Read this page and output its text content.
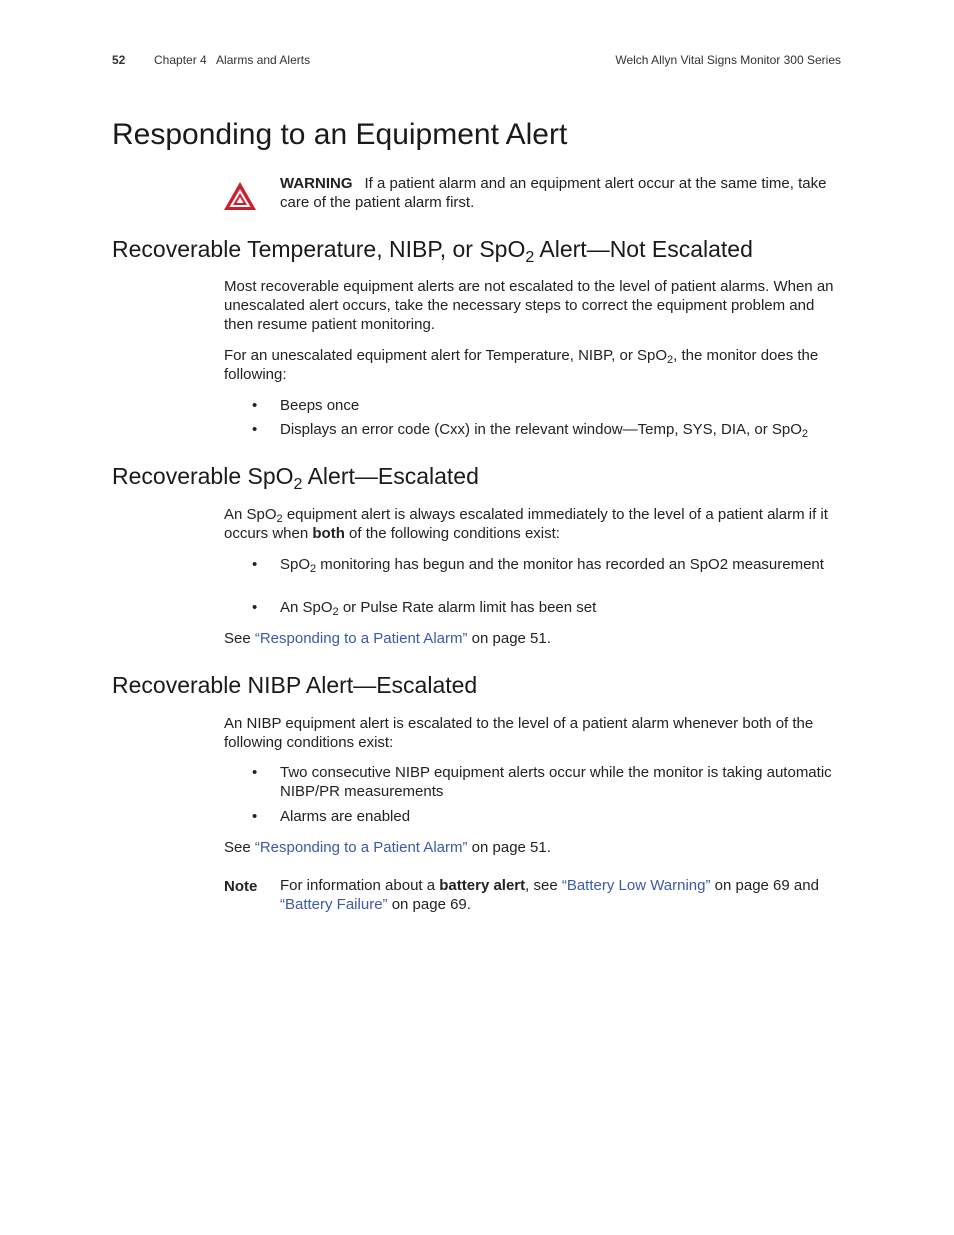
52 Chapter 4   Alarms and Alerts	Welch Allyn Vital Signs Monitor 300 Series
Responding to an Equipment Alert
WARNING If a patient alarm and an equipment alert occur at the same time, take care of the patient alarm first.
Recoverable Temperature, NIBP, or SpO$_2$ Alert—Not Escalated

Most recoverable equipment alerts are not escalated to the level of patient alarms. When an unescalated alert occurs, take the necessary steps to correct the equipment problem and then resume patient monitoring.

For an unescalated equipment alert for Temperature, NIBP, or SpO$_2$, the monitor does the following:

• Beeps once
• Displays an error code (Cxx) in the relevant window—Temp, SYS, DIA, or SpO$_2$
Recoverable SpO$_2$ Alert—Escalated

An SpO$_2$ equipment alert is always escalated immediately to the level of a patient alarm if it occurs when both of the following conditions exist:

• SpO$_2$ monitoring has begun and the monitor has recorded an SpO2 measurement
• An SpO$_2$ or Pulse Rate alarm limit has been set

See “Responding to a Patient Alarm” on page 51.

Recoverable NIBP Alert—Escalated

An NIBP equipment alert is escalated to the level of a patient alarm whenever both of the following conditions exist:

• Two consecutive NIBP equipment alerts occur while the monitor is taking automatic NIBP/PR measurements
• Alarms are enabled

See “Responding to a Patient Alarm” on page 51.

Note For information about a battery alert, see “Battery Low Warning” on page 69 and “Battery Failure” on page 69.
